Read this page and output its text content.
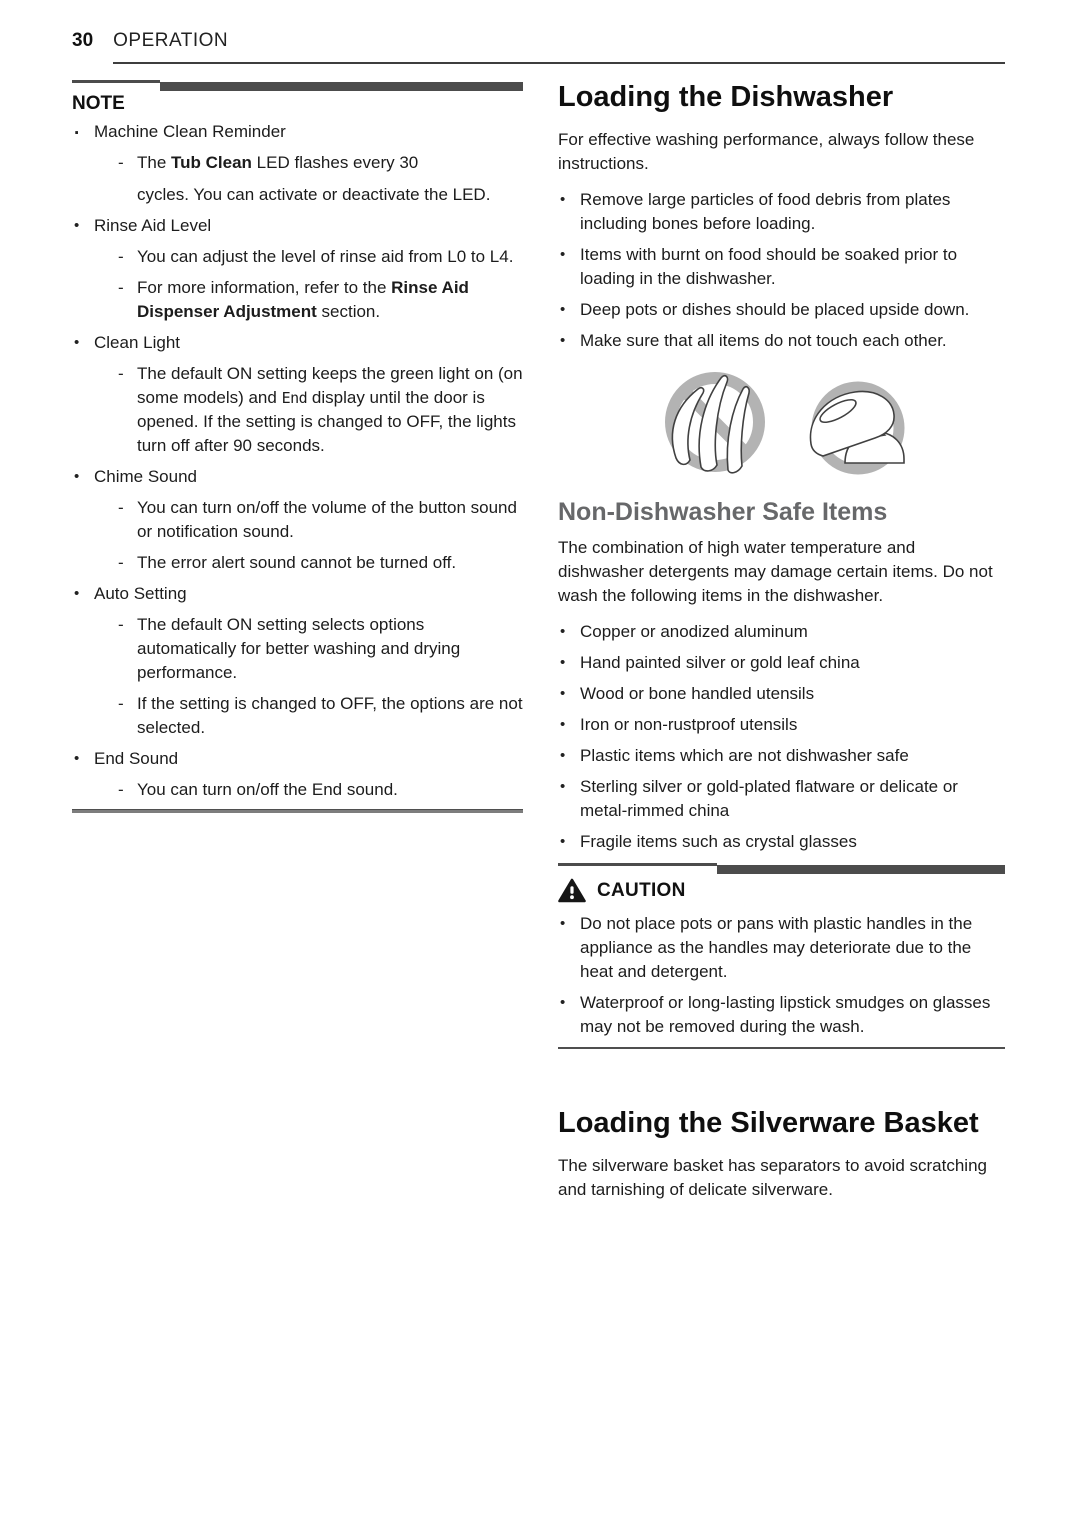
30 OPERATION
NOTE
. Machine Clean Reminder
- The Tub Clean LED flashes every 30
cycles. You can activate or deactivate the LED.
• Rinse Aid Level
- You can adjust the level of rinse aid from L0 to L4.
- For more information, refer to the Rinse Aid Dispenser Adjustment section.
• Clean Light
- The default ON setting keeps the green light on (on some models) and End display until the door is opened. If the setting is changed to OFF, the lights turn off after 90 seconds.
• Chime Sound
- You can turn on/off the volume of the button sound or notification sound.
- The error alert sound cannot be turned off.
• Auto Setting
- The default ON setting selects options automatically for better washing and drying performance.
- If the setting is changed to OFF, the options are not selected.
• End Sound
- You can turn on/off the End sound.
Loading the Dishwasher
For effective washing performance, always follow these instructions.
• Remove large particles of food debris from plates including bones before loading.
• Items with burnt on food should be soaked prior to loading in the dishwasher.
• Deep pots or dishes should be placed upside down.
• Make sure that all items do not touch each other.
Non-Dishwasher Safe Items
The combination of high water temperature and dishwasher detergents may damage certain items. Do not wash the following items in the dishwasher.
• Copper or anodized aluminum
• Hand painted silver or gold leaf china
• Wood or bone handled utensils
• Iron or non-rustproof utensils
• Plastic items which are not dishwasher safe
• Sterling silver or gold-plated flatware or delicate or metal-rimmed china
• Fragile items such as crystal glasses
CAUTION
• Do not place pots or pans with plastic handles in the appliance as the handles may deteriorate due to the heat and detergent.
• Waterproof or long-lasting lipstick smudges on glasses may not be removed during the wash.
Loading the Silverware Basket
The silverware basket has separators to avoid scratching and tarnishing of delicate silverware.
